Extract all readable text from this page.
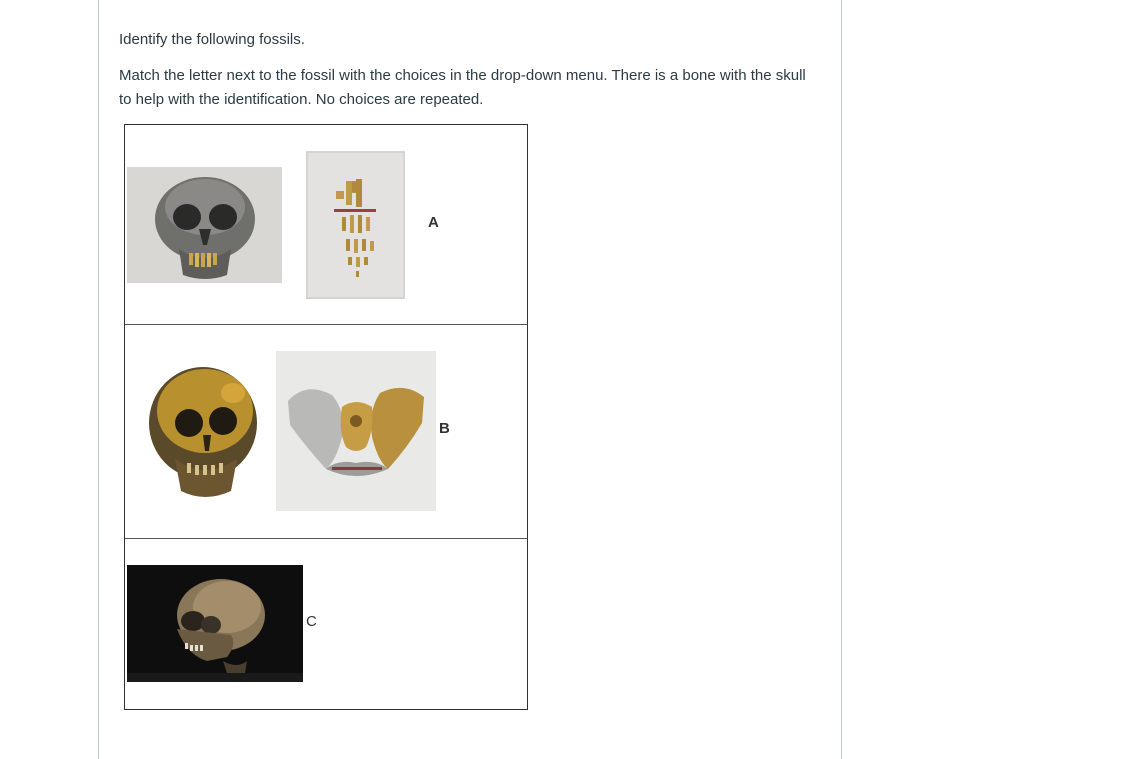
Identify the following fossils.

Match the letter next to the fossil with the choices in the drop-down menu. There is a bone with the skull to help with the identification. No choices are repeated.

A
B
C
